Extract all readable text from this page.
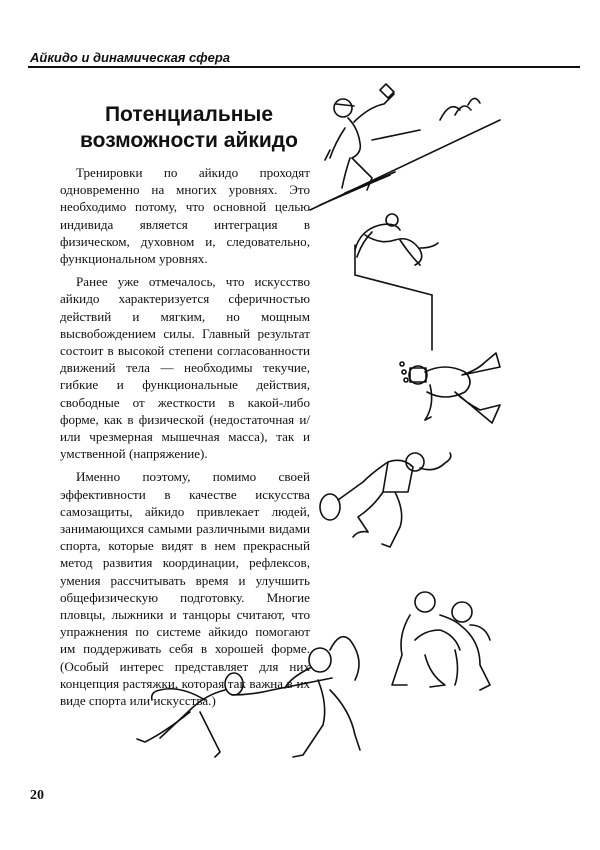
Айкидо и динамическая сфера
Потенциальные
возможности айкидо

Тренировки по айкидо проходят одновременно на многих уровнях. Это необходимо потому, что основной целью индивида является интеграция в физическом, духовном и, следовательно, функциональном уровнях.

Ранее уже отмечалось, что искусство айкидо характеризуется сферичностью действий и мягким, но мощным высвобождением силы. Главный результат состоит в высокой степени согласованности движений тела — необходимы текучие, гибкие и функциональные действия, свободные от жесткости в какой-либо форме, как в физической (недостаточная и/или чрезмерная мышечная масса), так и умственной (напряжение).

Именно поэтому, помимо своей эффективности в качестве искусства самозащиты, айкидо привлекает людей, занимающихся самыми различными видами спорта, которые видят в нем прекрасный метод развития координации, рефлексов, умения рассчитывать время и улучшить общефизическую подготовку. Многие пловцы, лыжники и танцоры считают, что упражнения по системе айкидо помогают им поддерживать себя в хорошей форме. (Особый интерес представляет для них концепция растяжки, которая так важна в их виде спорта или искусства.)

20
